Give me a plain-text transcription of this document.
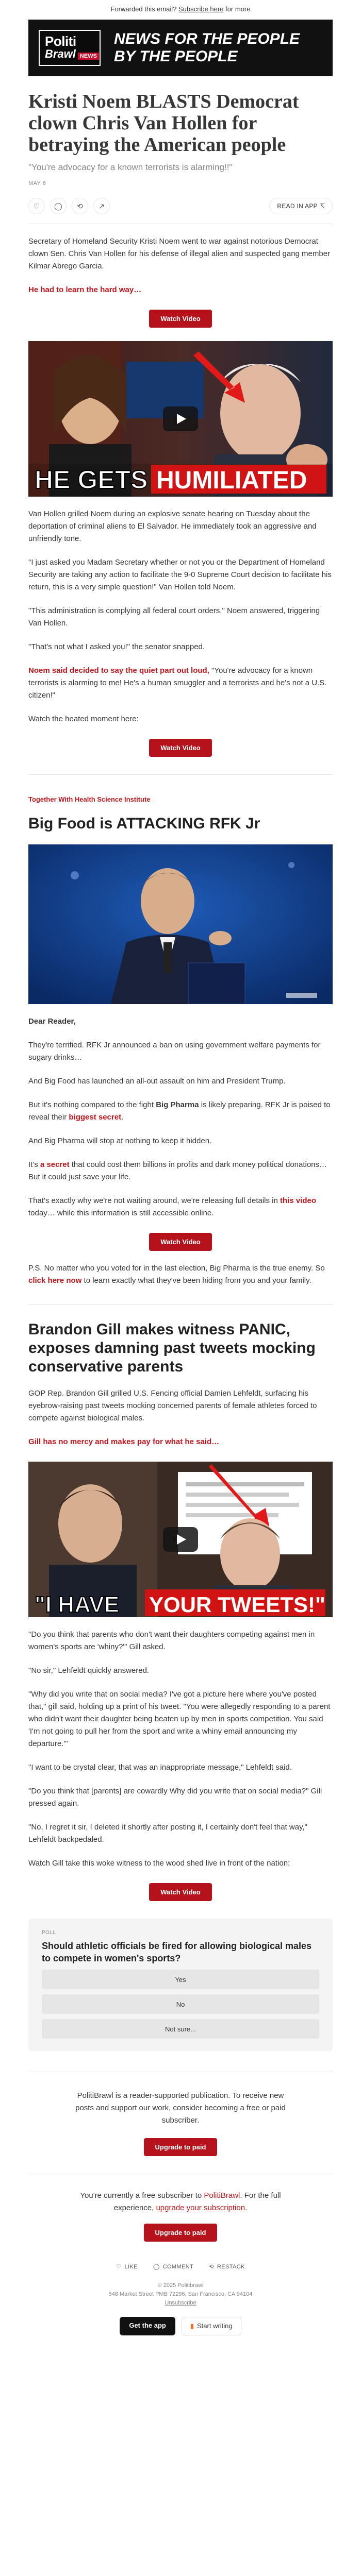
Forwarded this email? Subscribe here for more
Politi
Brawl NEWS
NEWS FOR THE PEOPLE BY THE PEOPLE
Kristi Noem BLASTS Democrat clown Chris Van Hollen for betraying the American people
"You're advocacy for a known terrorists is alarming!!"
MAY 6
♡	◯	⟲	↗	READ IN APP
⇱

Secretary of Homeland Security Kristi Noem went to war against notorious Democrat clown Sen. Chris Van Hollen for his defense of illegal alien and suspected gang member Kilmar Abrego Garcia.

He had to learn the hard way…

Watch Video
HE GETS HUMILIATED

Van Hollen grilled Noem during an explosive senate hearing on Tuesday about the deportation of criminal aliens to El Salvador. He immediately took an aggressive and unfriendly tone.

"I just asked you Madam Secretary whether or not you or the Department of Homeland Security are taking any action to facilitate the 9-0 Supreme Court decision to facilitate his return, this is a very simple question!" Van Hollen told Noem.

"This administration is complying all federal court orders," Noem answered, triggering Van Hollen.

"That's not what I asked you!" the senator snapped.

Noem said decided to say the quiet part out loud, "You're advocacy for a known terrorists is alarming to me! He's a human smuggler and a terrorists and he's not a U.S. citizen!"

Watch the heated moment here:

Watch Video
Together With Health Science Institute
Big Food is ATTACKING RFK Jr

Dear Reader,

They're terrified. RFK Jr announced a ban on using government welfare payments for sugary drinks…

And Big Food has launched an all-out assault on him and President Trump.

But it's nothing compared to the fight Big Pharma is likely preparing. RFK Jr is poised to reveal their biggest secret.

And Big Pharma will stop at nothing to keep it hidden.

It's a secret that could cost them billions in profits and dark money political donations… But it could just save your life.

That's exactly why we're not waiting around, we're releasing full details in this video today… while this information is still accessible online.

Watch Video

P.S. No matter who you voted for in the last election, Big Pharma is the true enemy. So click here now to learn exactly what they've been hiding from you and your family.

Brandon Gill makes witness PANIC, exposes damning past tweets mocking conservative parents

GOP Rep. Brandon Gill grilled U.S. Fencing official Damien Lehfeldt, surfacing his eyebrow-raising past tweets mocking concerned parents of female athletes forced to compete against biological males.

Gill has no mercy and makes pay for what he said…

"I HAVE YOUR TWEETS!"

"Do you think that parents who don't want their daughters competing against men in women's sports are 'whiny?'" Gill asked.

"No sir," Lehfeldt quickly answered.

"Why did you write that on social media? I've got a picture here where you've posted that," gill said, holding up a print of his tweet. "You were allegedly responding to a parent who didn't want their daughter being beaten up by men in sports competition. You said 'I'm not going to pull her from the sport and write a whiny email announcing my departure.'"

"I want to be crystal clear, that was an inappropriate message," Lehfeldt said.

"Do you think that [parents] are cowardly Why did you write that on social media?" Gill pressed again.

"No, I regret it sir, I deleted it shortly after posting it, I certainly don't feel that way," Lehfeldt backpedaled.

Watch Gill take this woke witness to the wood shed live in front of the nation:

Watch Video
POLL
Should athletic officials be fired for allowing biological males to compete in women's sports?
Yes
No
Not sure...
PolitiBrawl is a reader-supported publication. To receive new posts and support our work, consider becoming a free or paid subscriber.
Upgrade to paid
You're currently a free subscriber to PolitiBrawl. For the full experience, upgrade your subscription.
Upgrade to paid
♡ LIKE	◯ COMMENT	⟲ RESTACK
© 2025 Politibrawl
548 Market Street PMB 72296, San Francisco, CA 94104
Unsubscribe
Get the app	▮ Start writing
